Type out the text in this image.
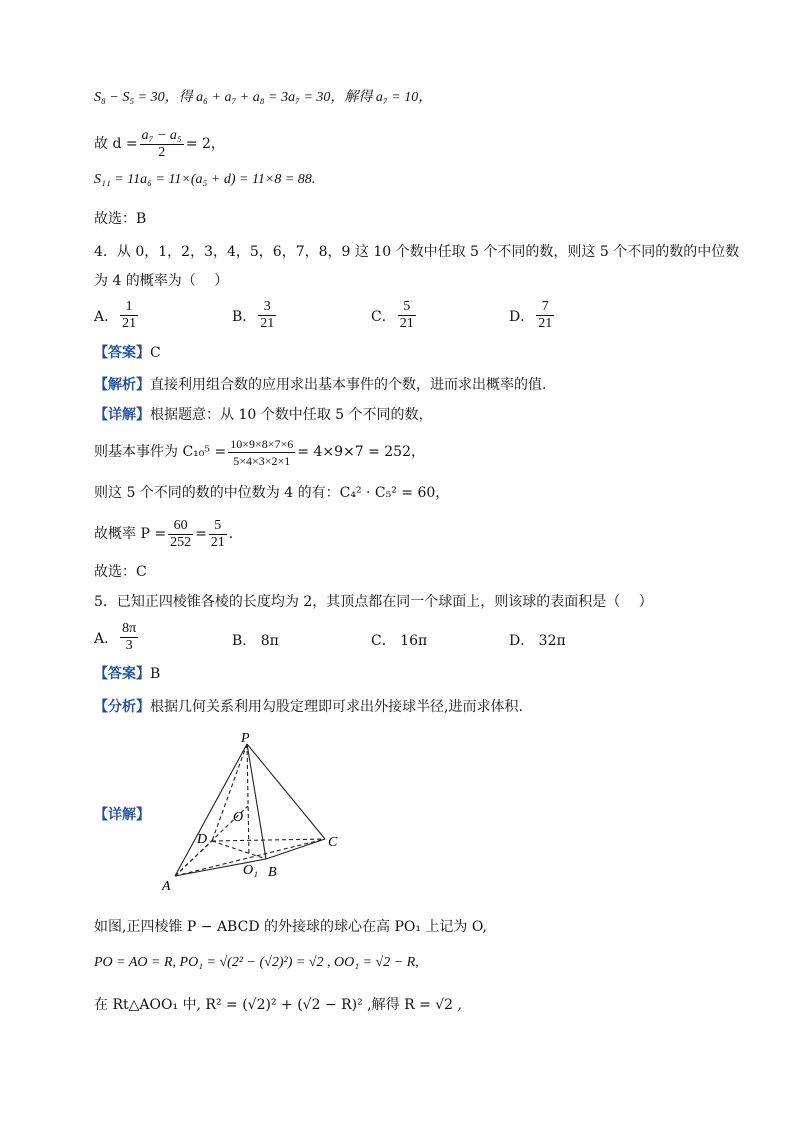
S₈ − S₅ = 30，得 a₆ + a₇ + a₈ = 3a₇ = 30，解得 a₇ = 10，
故 $d = \frac{\text{a₇ − a₅}}{2} = 2$，
S₁₁ = 11a₆ = 11×(a₅ + d) = 11×8 = 88.
故选：B
4．从 0，1，2，3，4，5，6，7，8，9 这 10 个数中任取 5 个不同的数，则这 5 个不同的数的中位数
为 4 的概率为（　 ）
A． $\frac{1}{21}$	B． $\frac{3}{21}$	C． $\frac{5}{21}$	D． $\frac{7}{21}$
【答案】C
【解析】直接利用组合数的应用求出基本事件的个数，进而求出概率的值.
【详解】根据题意：从 10 个数中任取 5 个不同的数，
则基本事件为 $C_{10}^5 = \frac{10\times 9\times 8\times 7\times 6}{5\times 4\times 3\times 2\times 1} = 4\times 9\times 7 = 252$，
则这 5 个不同的数的中位数为 4 的有：C₄² · C₅² = 60，
故概率 $P = \frac{60}{252} = \frac{5}{21}$ .
故选：C
5．已知正四棱锥各棱的长度均为 2，其顶点都在同一个球面上，则该球的表面积是（　 ）
A． $\frac{8\pi}{3}$	B． 8π	C． 16π	D． 32π
【答案】B
【分析】根据几何关系利用勾股定理即可求出外接球半径,进而求体积.
【详解】
P
O
D	C
A
B
O₁
如图,正四棱锥 P − ABCD 的外接球的球心在高 PO₁ 上记为 O,
PO = AO = R, PO₁ = √(2² − (√2)²) = √2 , OO₁ = √2 − R,
在 Rt△AOO₁ 中, R² = (√2)² + (√2 − R)² ,解得 R = √2 ,
